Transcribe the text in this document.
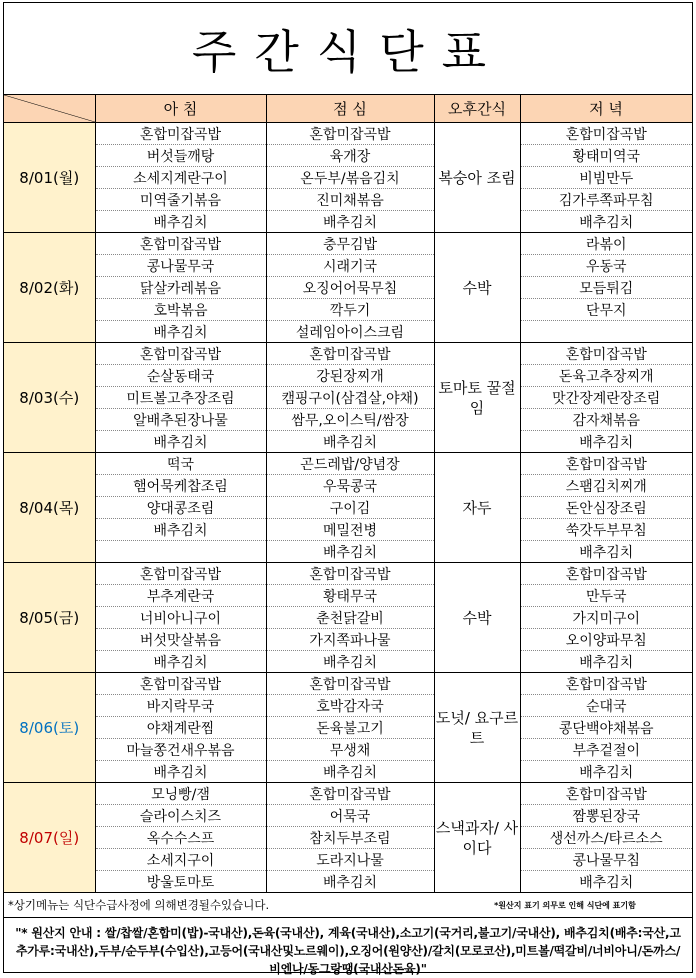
주간식단표
	아 침	점 심	오후간식	저 녁
8/01(월)	혼합미잡곡밥	혼합미잡곡밥	복숭아 조림	혼합미잡곡밥
	버섯들깨탕	육개장		황태미역국
	소세지계란구이	온두부/볶음김치		비빔만두
	미역줄기볶음	진미채볶음		김가루쪽파무침
	배추김치	배추김치		배추김치
8/02(화)	혼합미잡곡밥	충무김밥	수박	라볶이
	콩나물무국	시래기국		우동국
	닭살카레볶음	오징어어묵무침		모듬튀김
	호박볶음	깍두기		단무지
	배추김치	설레임아이스크림		
8/03(수)	혼합미잡곡밥	혼합미잡곡밥	토마토 꿀절임	혼합미잡곡밥
	순살동태국	강된장찌개		돈육고추장찌개
	미트볼고추장조림	캠핑구이(삼겹살,야채)		맛간장계란장조림
	알배추된장나물	쌈무,오이스틱/쌈장		감자채볶음
	배추김치	배추김치		배추김치
8/04(목)	떡국	곤드레밥/양념장	자두	혼합미잡곡밥
	햄어묵케찹조림	우묵콩국		스팸김치찌개
	양대콩조림	구이김		돈안심장조림
	배추김치	메밀전병		쑥갓두부무침
		배추김치		배추김치
8/05(금)	혼합미잡곡밥	혼합미잡곡밥	수박	혼합미잡곡밥
	부추계란국	황태무국		만두국
	너비아니구이	춘천닭갈비		가지미구이
	버섯맛살볶음	가지쪽파나물		오이양파무침
	배추김치	배추김치		배추김치
8/06(토)	혼합미잡곡밥	혼합미잡곡밥	도넛/ 요구르트	혼합미잡곡밥
	바지락무국	호박감자국		순대국
	야채계란찜	돈육불고기		콩단백야채볶음
	마늘쫑건새우볶음	무생채		부추겉절이
	배추김치	배추김치		배추김치
8/07(일)	모닝빵/잼	혼합미잡곡밥	스낵과자/ 사이다	혼합미잡곡밥
	슬라이스치즈	어묵국		짬뽕된장국
	옥수수스프	참치두부조림		생선까스/타르소스
	소세지구이	도라지나물		콩나물무침
	방울토마토	배추김치		배추김치
*상기메뉴는 식단수급사정에 의해변경될수있습니다.	*원산지 표기 의무로 인해 식단에 표기함
"* 원산지 안내 : 쌀/찹쌀/혼합미(밥)-국내산),돈육(국내산), 계육(국내산),소고기(국거리,불고기/국내산), 배추김치(배추:국산,고추가루:국내산),두부/순두부(수입산),고등어(국내산및노르웨이),오징어(원양산)/갈치(모로코산),미트볼/떡갈비/너비아니/돈까스/비엔나/동그랑땡(국내산돈육)"
